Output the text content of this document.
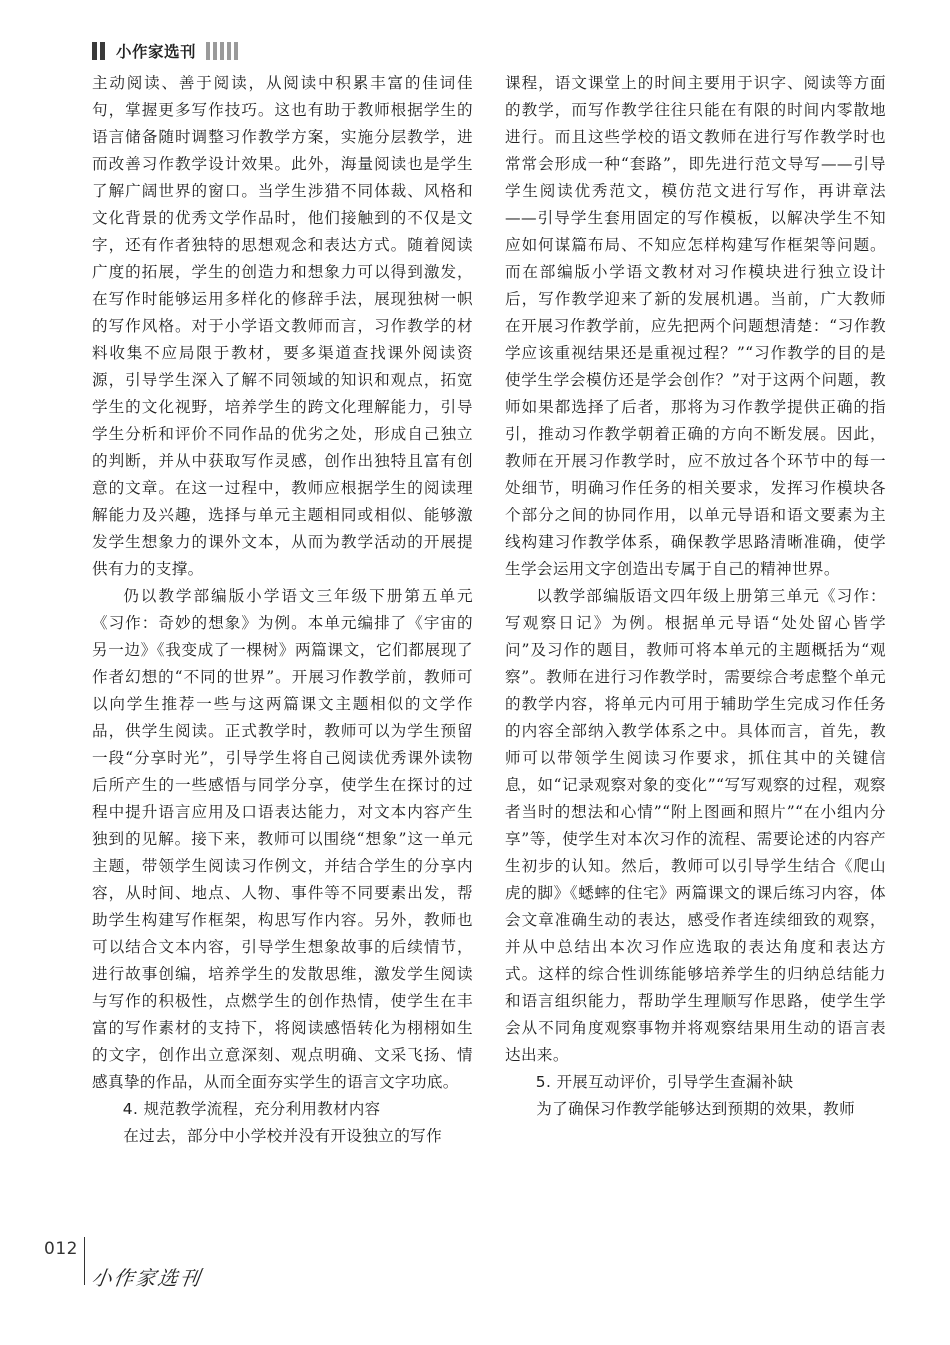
小作家选刊

主动阅读、善于阅读，从阅读中积累丰富的佳词佳句，掌握更多写作技巧。这也有助于教师根据学生的语言储备随时调整习作教学方案，实施分层教学，进而改善习作教学设计效果。此外，海量阅读也是学生了解广阔世界的窗口。当学生涉猎不同体裁、风格和文化背景的优秀文学作品时，他们接触到的不仅是文字，还有作者独特的思想观念和表达方式。随着阅读广度的拓展，学生的创造力和想象力可以得到激发，在写作时能够运用多样化的修辞手法，展现独树一帜的写作风格。对于小学语文教师而言，习作教学的材料收集不应局限于教材，要多渠道查找课外阅读资源，引导学生深入了解不同领域的知识和观点，拓宽学生的文化视野，培养学生的跨文化理解能力，引导学生分析和评价不同作品的优劣之处，形成自己独立的判断，并从中获取写作灵感，创作出独特且富有创意的文章。在这一过程中，教师应根据学生的阅读理解能力及兴趣，选择与单元主题相同或相似、能够激发学生想象力的课外文本，从而为教学活动的开展提供有力的支撑。

仍以教学部编版小学语文三年级下册第五单元《习作：奇妙的想象》为例。本单元编排了《宇宙的另一边》《我变成了一棵树》两篇课文，它们都展现了作者幻想的“不同的世界”。开展习作教学前，教师可以向学生推荐一些与这两篇课文主题相似的文学作品，供学生阅读。正式教学时，教师可以为学生预留一段“分享时光”，引导学生将自己阅读优秀课外读物后所产生的一些感悟与同学分享，使学生在探讨的过程中提升语言应用及口语表达能力，对文本内容产生独到的见解。接下来，教师可以围绕“想象”这一单元主题，带领学生阅读习作例文，并结合学生的分享内容，从时间、地点、人物、事件等不同要素出发，帮助学生构建写作框架，构思写作内容。另外，教师也可以结合文本内容，引导学生想象故事的后续情节，进行故事创编，培养学生的发散思维，激发学生阅读与写作的积极性，点燃学生的创作热情，使学生在丰富的写作素材的支持下，将阅读感悟转化为栩栩如生的文字，创作出立意深刻、观点明确、文采飞扬、情感真挚的作品，从而全面夯实学生的语言文字功底。

4. 规范教学流程，充分利用教材内容

在过去，部分中小学校并没有开设独立的写作

课程，语文课堂上的时间主要用于识字、阅读等方面的教学，而写作教学往往只能在有限的时间内零散地进行。而且这些学校的语文教师在进行写作教学时也常常会形成一种“套路”，即先进行范文导写——引导学生阅读优秀范文，模仿范文进行写作，再讲章法——引导学生套用固定的写作模板，以解决学生不知应如何谋篇布局、不知应怎样构建写作框架等问题。而在部编版小学语文教材对习作模块进行独立设计后，写作教学迎来了新的发展机遇。当前，广大教师在开展习作教学前，应先把两个问题想清楚：“习作教学应该重视结果还是重视过程？”“习作教学的目的是使学生学会模仿还是学会创作？”对于这两个问题，教师如果都选择了后者，那将为习作教学提供正确的指引，推动习作教学朝着正确的方向不断发展。因此，教师在开展习作教学时，应不放过各个环节中的每一处细节，明确习作任务的相关要求，发挥习作模块各个部分之间的协同作用，以单元导语和语文要素为主线构建习作教学体系，确保教学思路清晰准确，使学生学会运用文字创造出专属于自己的精神世界。

以教学部编版语文四年级上册第三单元《习作：写观察日记》为例。根据单元导语“处处留心皆学问”及习作的题目，教师可将本单元的主题概括为“观察”。教师在进行习作教学时，需要综合考虑整个单元的教学内容，将单元内可用于辅助学生完成习作任务的内容全部纳入教学体系之中。具体而言，首先，教师可以带领学生阅读习作要求，抓住其中的关键信息，如“记录观察对象的变化”“写写观察的过程，观察者当时的想法和心情”“附上图画和照片”“在小组内分享”等，使学生对本次习作的流程、需要论述的内容产生初步的认知。然后，教师可以引导学生结合《爬山虎的脚》《蟋蟀的住宅》两篇课文的课后练习内容，体会文章准确生动的表达，感受作者连续细致的观察，并从中总结出本次习作应选取的表达角度和表达方式。这样的综合性训练能够培养学生的归纳总结能力和语言组织能力，帮助学生理顺写作思路，使学生学会从不同角度观察事物并将观察结果用生动的语言表达出来。

5. 开展互动评价，引导学生查漏补缺

为了确保习作教学能够达到预期的效果，教师

012
小作家选刊
